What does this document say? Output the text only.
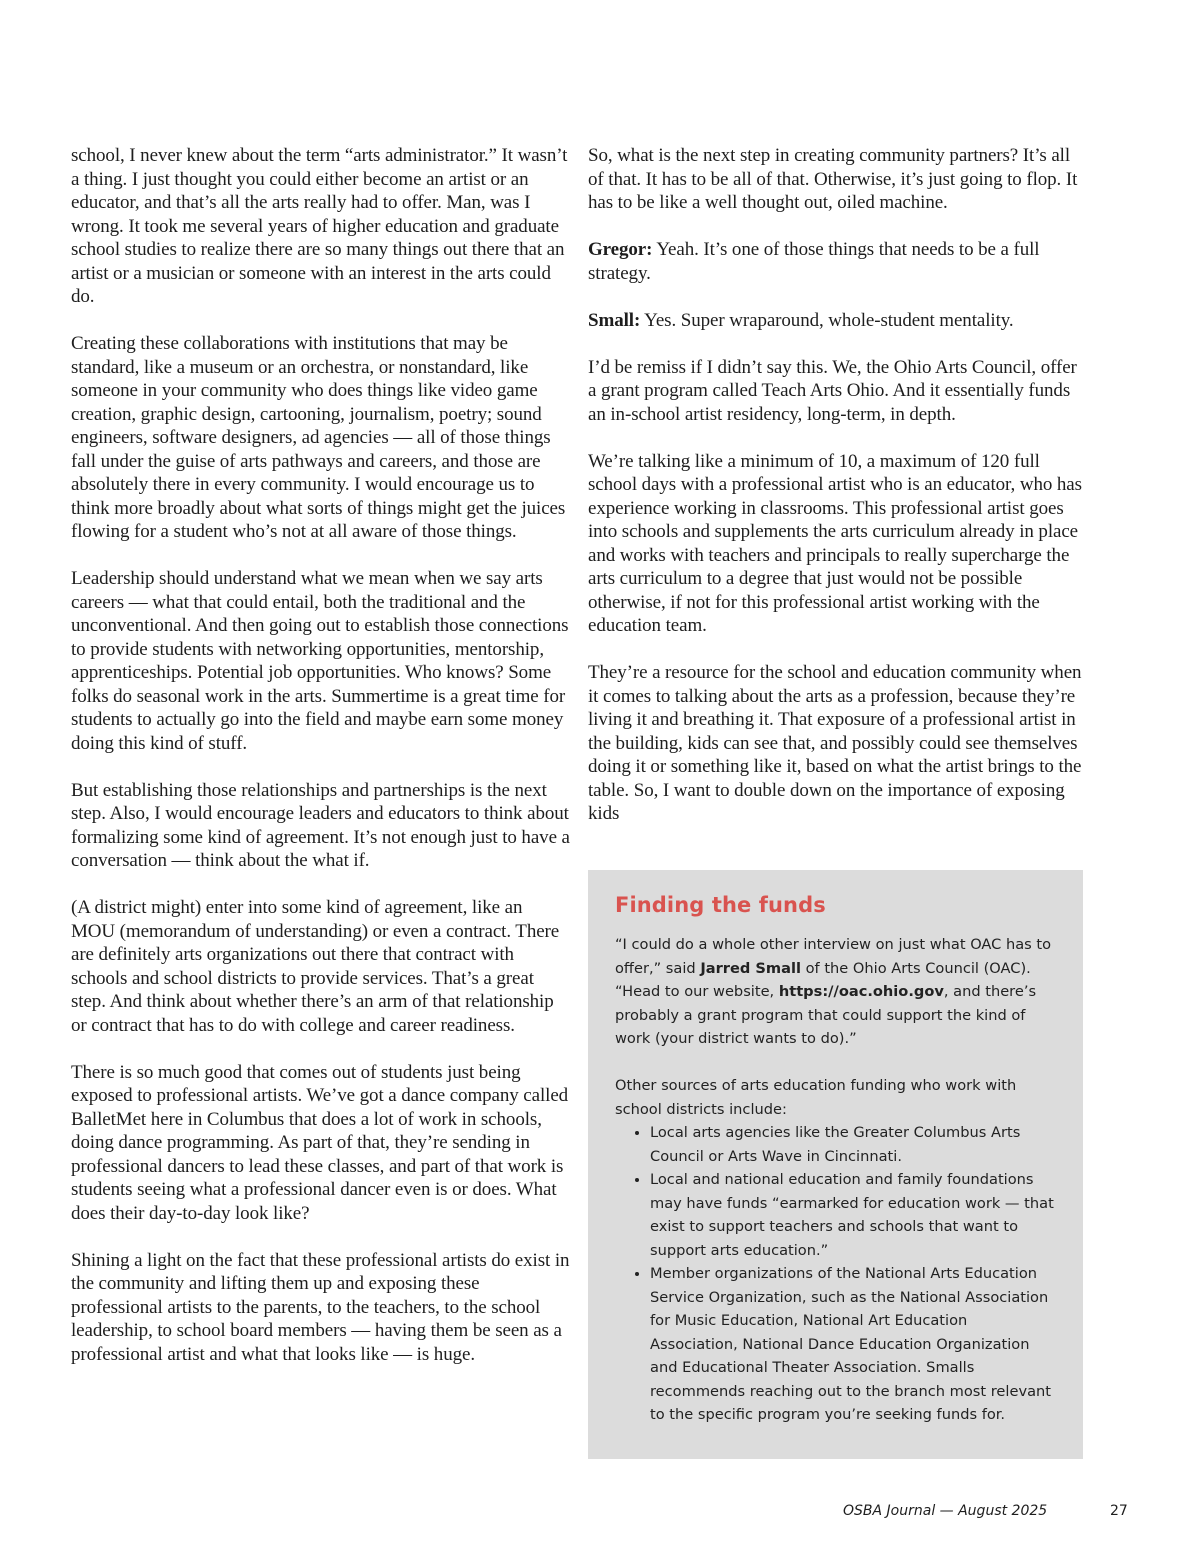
school, I never knew about the term “arts administrator.” It wasn’t a thing. I just thought you could either become an artist or an educator, and that’s all the arts really had to offer. Man, was I wrong. It took me several years of higher education and graduate school studies to realize there are so many things out there that an artist or a musician or someone with an interest in the arts could do.

Creating these collaborations with institutions that may be standard, like a museum or an orchestra, or nonstandard, like someone in your community who does things like video game creation, graphic design, cartooning, journalism, poetry; sound engineers, software designers, ad agencies — all of those things fall under the guise of arts pathways and careers, and those are absolutely there in every community. I would encourage us to think more broadly about what sorts of things might get the juices flowing for a student who’s not at all aware of those things.

Leadership should understand what we mean when we say arts careers — what that could entail, both the traditional and the unconventional. And then going out to establish those connections to provide students with networking opportunities, mentorship, apprenticeships. Potential job opportunities. Who knows? Some folks do seasonal work in the arts. Summertime is a great time for students to actually go into the field and maybe earn some money doing this kind of stuff.

But establishing those relationships and partnerships is the next step. Also, I would encourage leaders and educators to think about formalizing some kind of agreement. It’s not enough just to have a conversation — think about the what if.

(A district might) enter into some kind of agreement, like an MOU (memorandum of understanding) or even a contract. There are definitely arts organizations out there that contract with schools and school districts to provide services. That’s a great step. And think about whether there’s an arm of that relationship or contract that has to do with college and career readiness.

There is so much good that comes out of students just being exposed to professional artists. We’ve got a dance company called BalletMet here in Columbus that does a lot of work in schools, doing dance programming. As part of that, they’re sending in professional dancers to lead these classes, and part of that work is students seeing what a professional dancer even is or does. What does their day-to-day look like?

Shining a light on the fact that these professional artists do exist in the community and lifting them up and exposing these professional artists to the parents, to the teachers, to the school leadership, to school board members — having them be seen as a professional artist and what that looks like — is huge.

So, what is the next step in creating community partners? It’s all of that. It has to be all of that. Otherwise, it’s just going to flop. It has to be like a well thought out, oiled machine.

Gregor: Yeah. It’s one of those things that needs to be a full strategy.

Small: Yes. Super wraparound, whole-student mentality.

I’d be remiss if I didn’t say this. We, the Ohio Arts Council, offer a grant program called Teach Arts Ohio. And it essentially funds an in-school artist residency, long-term, in depth.

We’re talking like a minimum of 10, a maximum of 120 full school days with a professional artist who is an educator, who has experience working in classrooms. This professional artist goes into schools and supplements the arts curriculum already in place and works with teachers and principals to really supercharge the arts curriculum to a degree that just would not be possible otherwise, if not for this professional artist working with the education team.

They’re a resource for the school and education community when it comes to talking about the arts as a profession, because they’re living it and breathing it. That exposure of a professional artist in the building, kids can see that, and possibly could see themselves doing it or something like it, based on what the artist brings to the table. So, I want to double down on the importance of exposing kids

Finding the funds

“I could do a whole other interview on just what OAC has to offer,” said Jarred Small of the Ohio Arts Council (OAC). “Head to our website, https://oac.ohio.gov, and there’s probably a grant program that could support the kind of work (your district wants to do).”

Other sources of arts education funding who work with school districts include:

• Local arts agencies like the Greater Columbus Arts Council or Arts Wave in Cincinnati.
• Local and national education and family foundations may have funds “earmarked for education work — that exist to support teachers and schools that want to support arts education.”
• Member organizations of the National Arts Education Service Organization, such as the National Association for Music Education, National Art Education Association, National Dance Education Organization and Educational Theater Association. Smalls recommends reaching out to the branch most relevant to the specific program you’re seeking funds for.
OSBA Journal — August 2025	27
